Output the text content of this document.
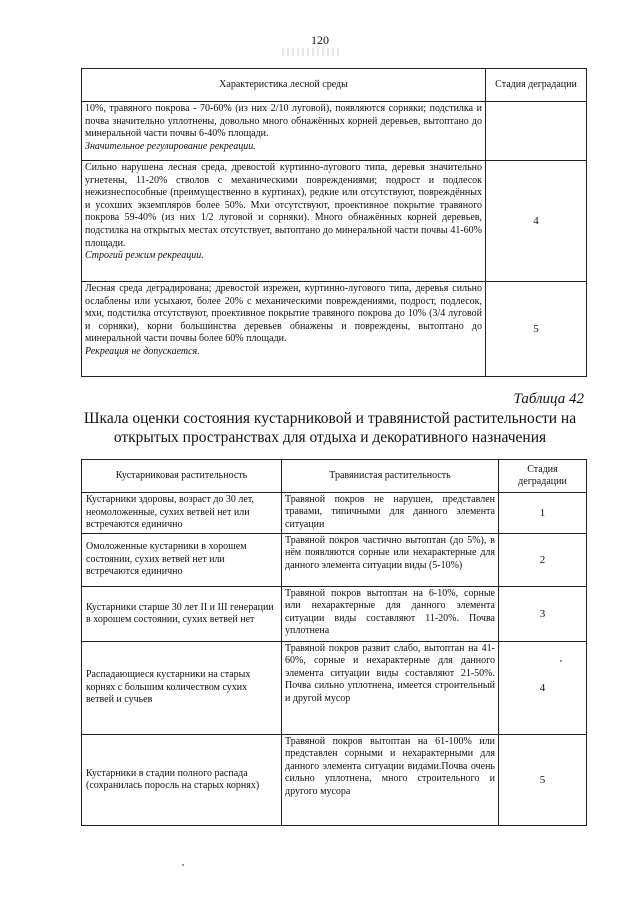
120
Характеристика лесной среды	Стадия деградации
10%, травяного покрова - 70-60% (из них 2/10 луговой), появляются сорняки; подстилка и почва значительно уплотнены, довольно много обнажённых корней деревьев, вытоптано до минеральной части почвы 6-40% площади.
Значительное регулирование рекреации.	
Сильно нарушена лесная среда, древостой куртинно-лугового типа, деревья значительно угнетены, 11-20% стволов с механическими повреждениями; подрост и подлесок нежизнеспособные (преимущественно в куртинах), редкие или отсутствуют, повреждённых и усохших экземпляров более 50%. Мхи отсутствуют, проективное покрытие травяного покрова 59-40% (из них 1/2 луговой и сорняки). Много обнажённых корней деревьев, подстилка на открытых местах отсутствует, вытоптано до минеральной части почвы 41-60% площади.
Строгий режим рекреации.	4
Лесная среда деградирована; древостой изрежен, куртинно-лугового типа, деревья сильно ослаблены или усыхают, более 20% с механическими повреждениями, подрост, подлесок, мхи, подстилка отсутствуют, проективное покрытие травяного покрова до 10% (3/4 луговой и сорняки), корни большинства деревьев обнажены и повреждены, вытоптано до минеральной части почвы более 60% площади.
Рекреация не допускается.	5
Таблица 42
Шкала оценки состояния кустарниковой и травянистой растительности на
открытых пространствах для отдыха и декоративного назначения
Кустарниковая растительность	Травянистая растительность	Стадия деградации
Кустарники здоровы, возраст до 30 лет, неомоложенные, сухих ветвей нет или встречаются единично	Травяной покров не нарушен, представлен травами, типичными для данного элемента ситуации	1
Омоложенные кустарники в хорошем состоянии, сухих ветвей нет или встречаются единично	Травяной покров частично вытоптан (до 5%), в нём появляются сорные или нехарактерные для данного элемента ситуации виды (5-10%)	2
Кустарники старше 30 лет II и III генерации в хорошем состоянии, сухих ветвей нет	Травяной покров вытоптан на 6-10%, сорные или нехарактерные для данного элемента ситуации виды составляют 11-20%. Почва уплотнена	3
Распадающиеся кустарники на старых корнях с большим количеством сухих ветвей и сучьев	Травяной покров развит слабо, вытоптан на 41-60%, сорные и нехарактерные для данного элемента ситуации виды составляют 21-50%. Почва сильно уплотнена, имеется строительный и другой мусор	4
Кустарники в стадии полного распада (сохранилась поросль на старых корнях)	Травяной покров вытоптан на 61-100% или представлен сорными и нехарактерными для данного элемента ситуации видами.Почва очень сильно уплотнена, много строительного и другого мусора	5
